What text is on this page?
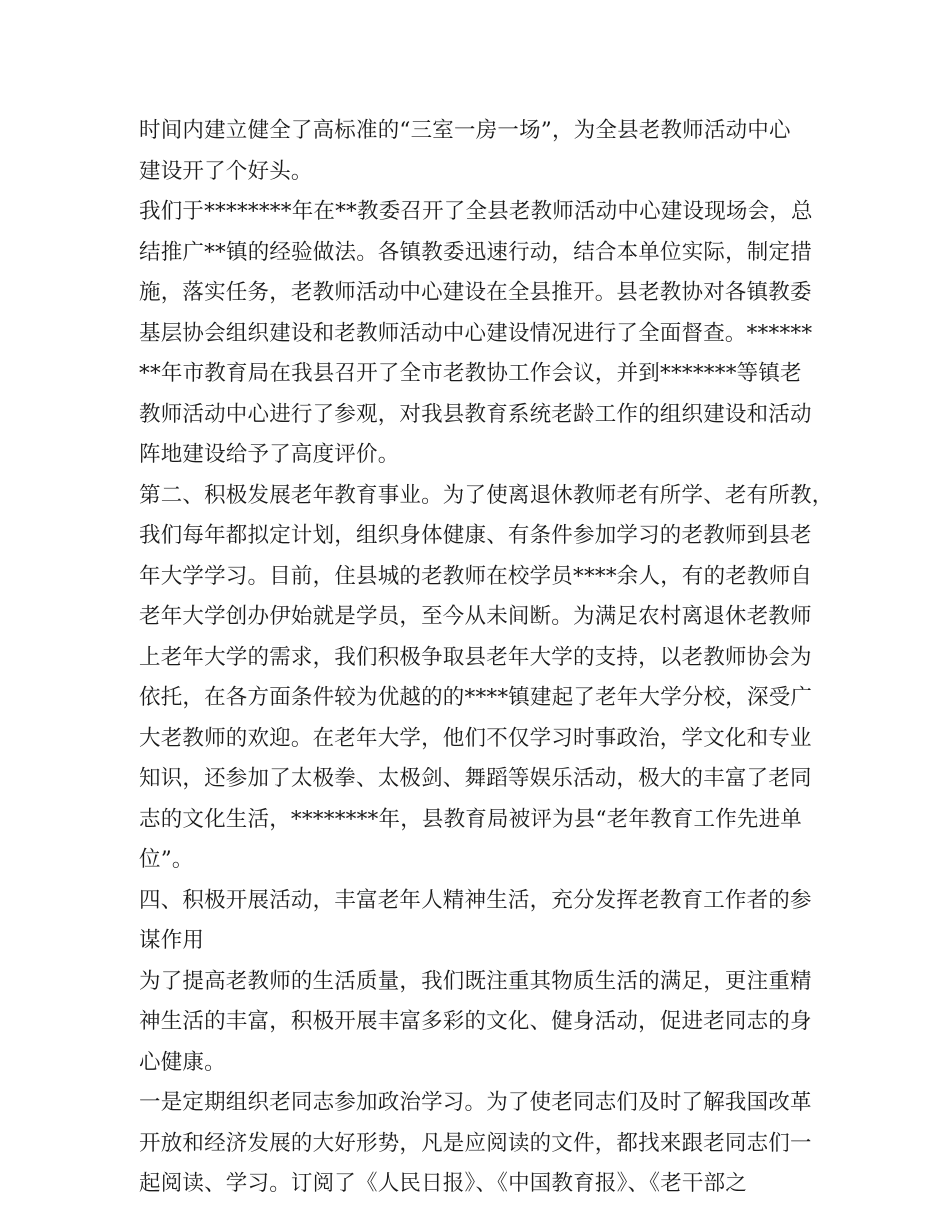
时间内建立健全了高标准的“三室一房一场”，为全县老教师活动中心
建设开了个好头。
我们于********年在**教委召开了全县老教师活动中心建设现场会，总
结推广**镇的经验做法。各镇教委迅速行动，结合本单位实际，制定措
施，落实任务，老教师活动中心建设在全县推开。县老教协对各镇教委
基层协会组织建设和老教师活动中心建设情况进行了全面督查。******
**年市教育局在我县召开了全市老教协工作会议，并到*******等镇老
教师活动中心进行了参观，对我县教育系统老龄工作的组织建设和活动
阵地建设给予了高度评价。
第二、积极发展老年教育事业。为了使离退休教师老有所学、老有所教，
我们每年都拟定计划，组织身体健康、有条件参加学习的老教师到县老
年大学学习。目前，住县城的老教师在校学员****余人，有的老教师自
老年大学创办伊始就是学员，至今从未间断。为满足农村离退休老教师
上老年大学的需求，我们积极争取县老年大学的支持，以老教师协会为
依托，在各方面条件较为优越的的****镇建起了老年大学分校，深受广
大老教师的欢迎。在老年大学，他们不仅学习时事政治，学文化和专业
知识，还参加了太极拳、太极剑、舞蹈等娱乐活动，极大的丰富了老同
志的文化生活，********年，县教育局被评为县“老年教育工作先进单
位”。
四、积极开展活动，丰富老年人精神生活，充分发挥老教育工作者的参
谋作用
为了提高老教师的生活质量，我们既注重其物质生活的满足，更注重精
神生活的丰富，积极开展丰富多彩的文化、健身活动，促进老同志的身
心健康。
一是定期组织老同志参加政治学习。为了使老同志们及时了解我国改革
开放和经济发展的大好形势，凡是应阅读的文件，都找来跟老同志们一
起阅读、学习。订阅了《人民日报》、《中国教育报》、《老干部之
